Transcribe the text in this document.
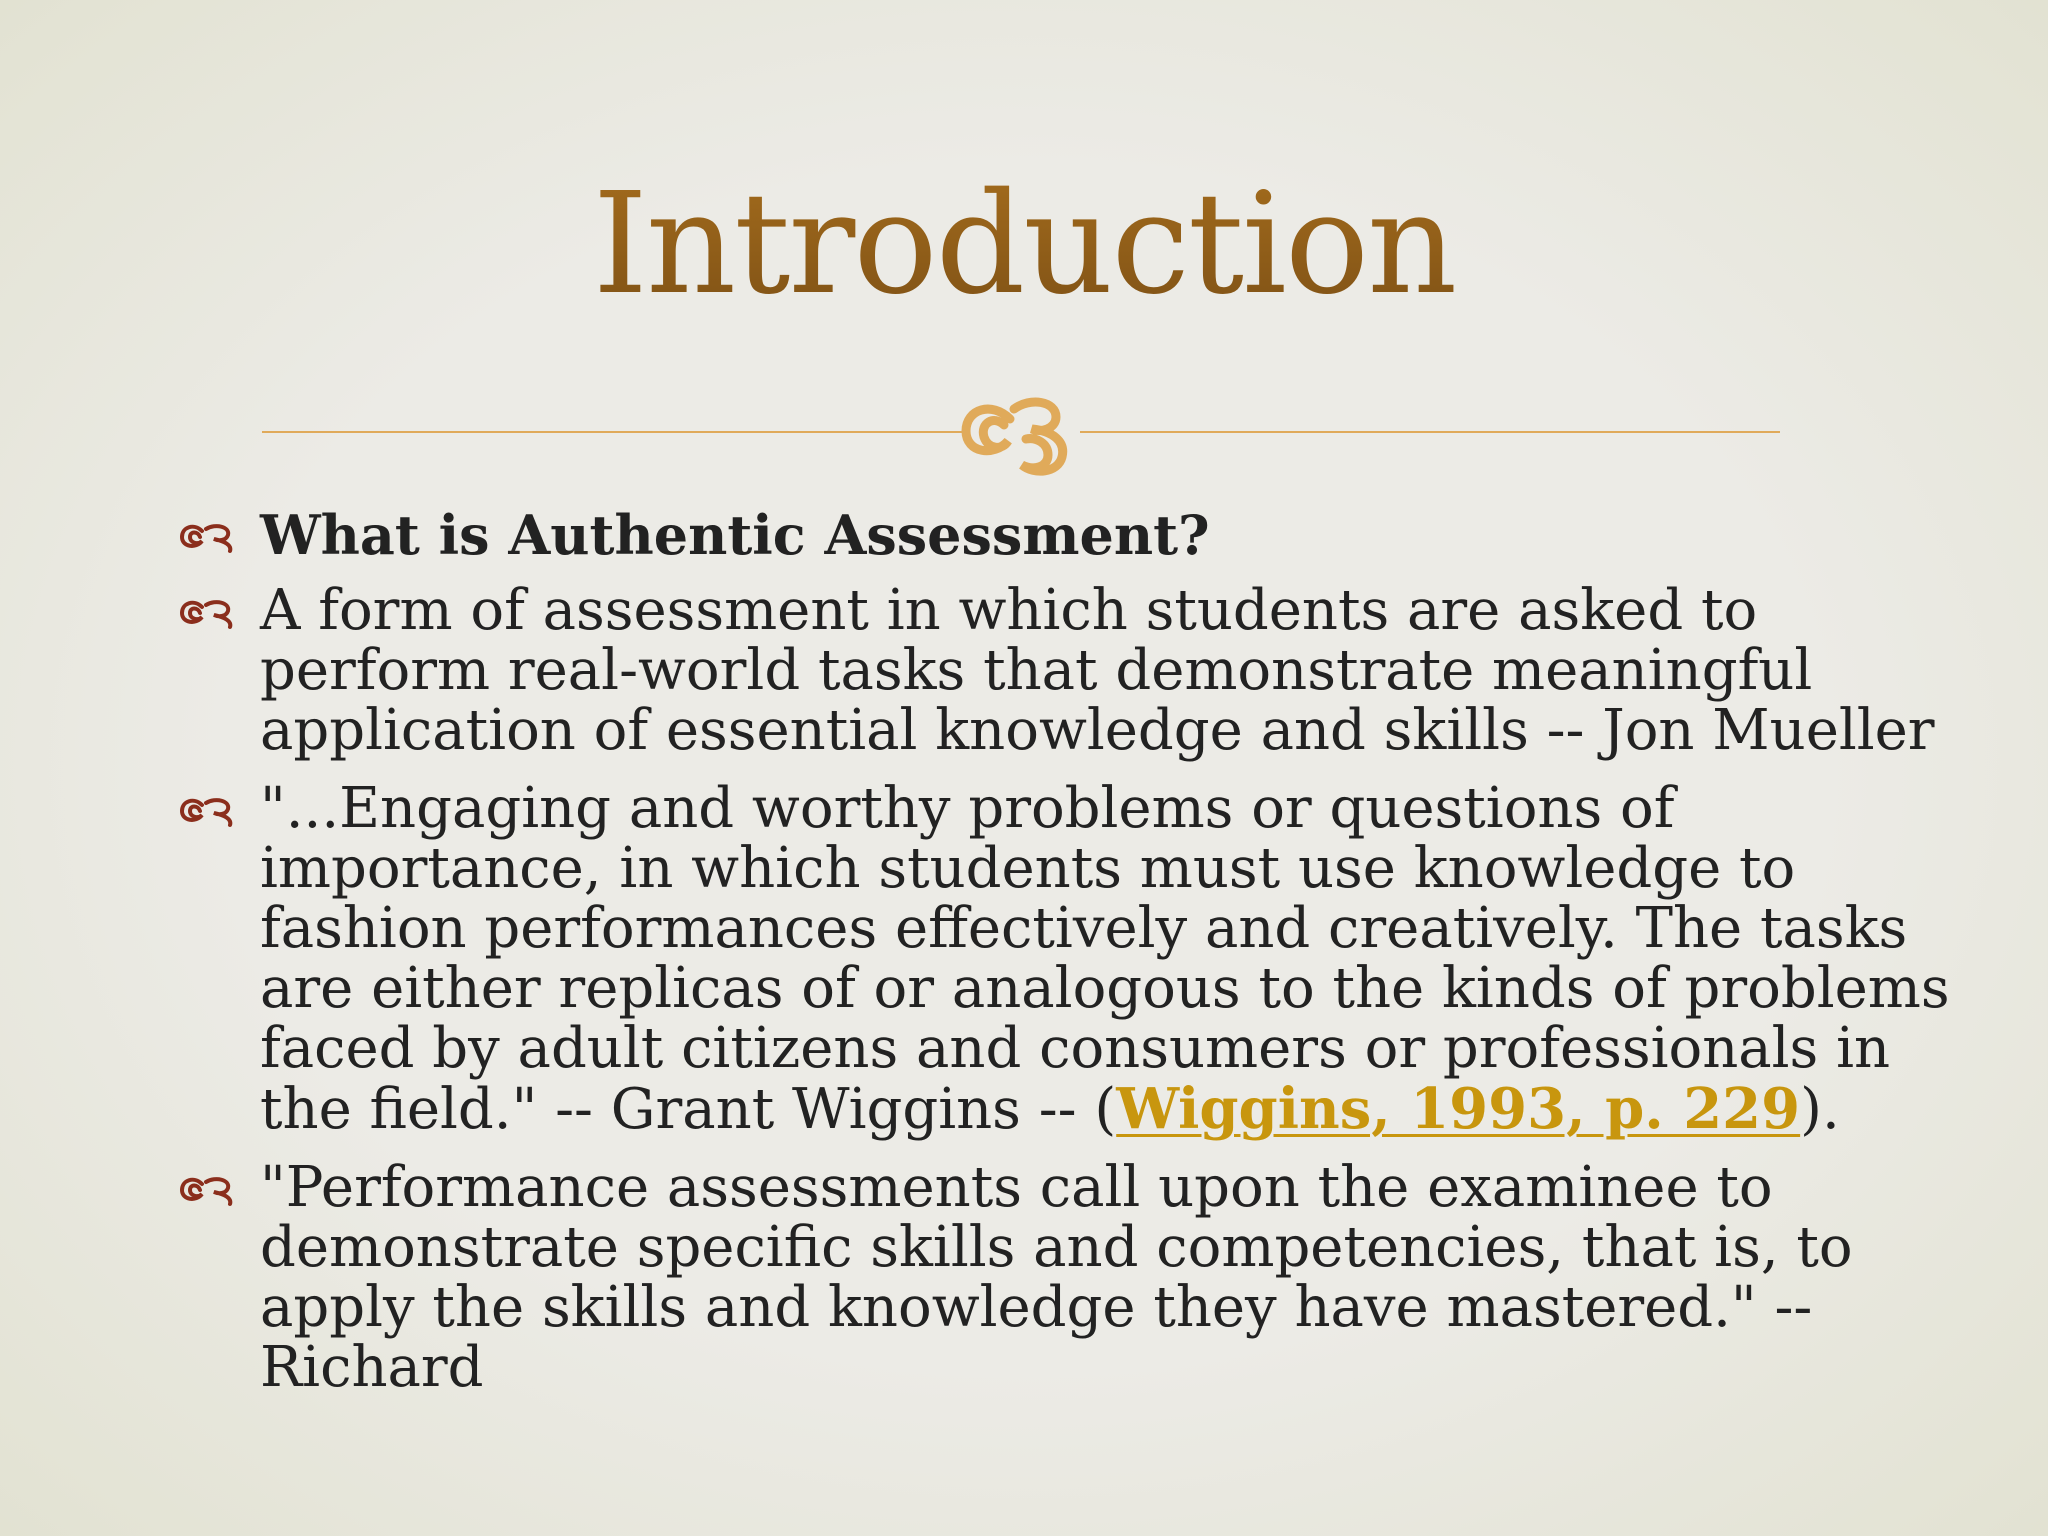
Introduction
What is Authentic Assessment?
A form of assessment in which students are asked to perform real-world tasks that demonstrate meaningful application of essential knowledge and skills -- Jon Mueller
"...Engaging and worthy problems or questions of importance, in which students must use knowledge to fashion performances effectively and creatively. The tasks are either replicas of or analogous to the kinds of problems faced by adult citizens and consumers or professionals in the field." -- Grant Wiggins -- (Wiggins, 1993, p. 229).
"Performance assessments call upon the examinee to demonstrate specific skills and competencies, that is, to apply the skills and knowledge they have mastered." -- Richard
